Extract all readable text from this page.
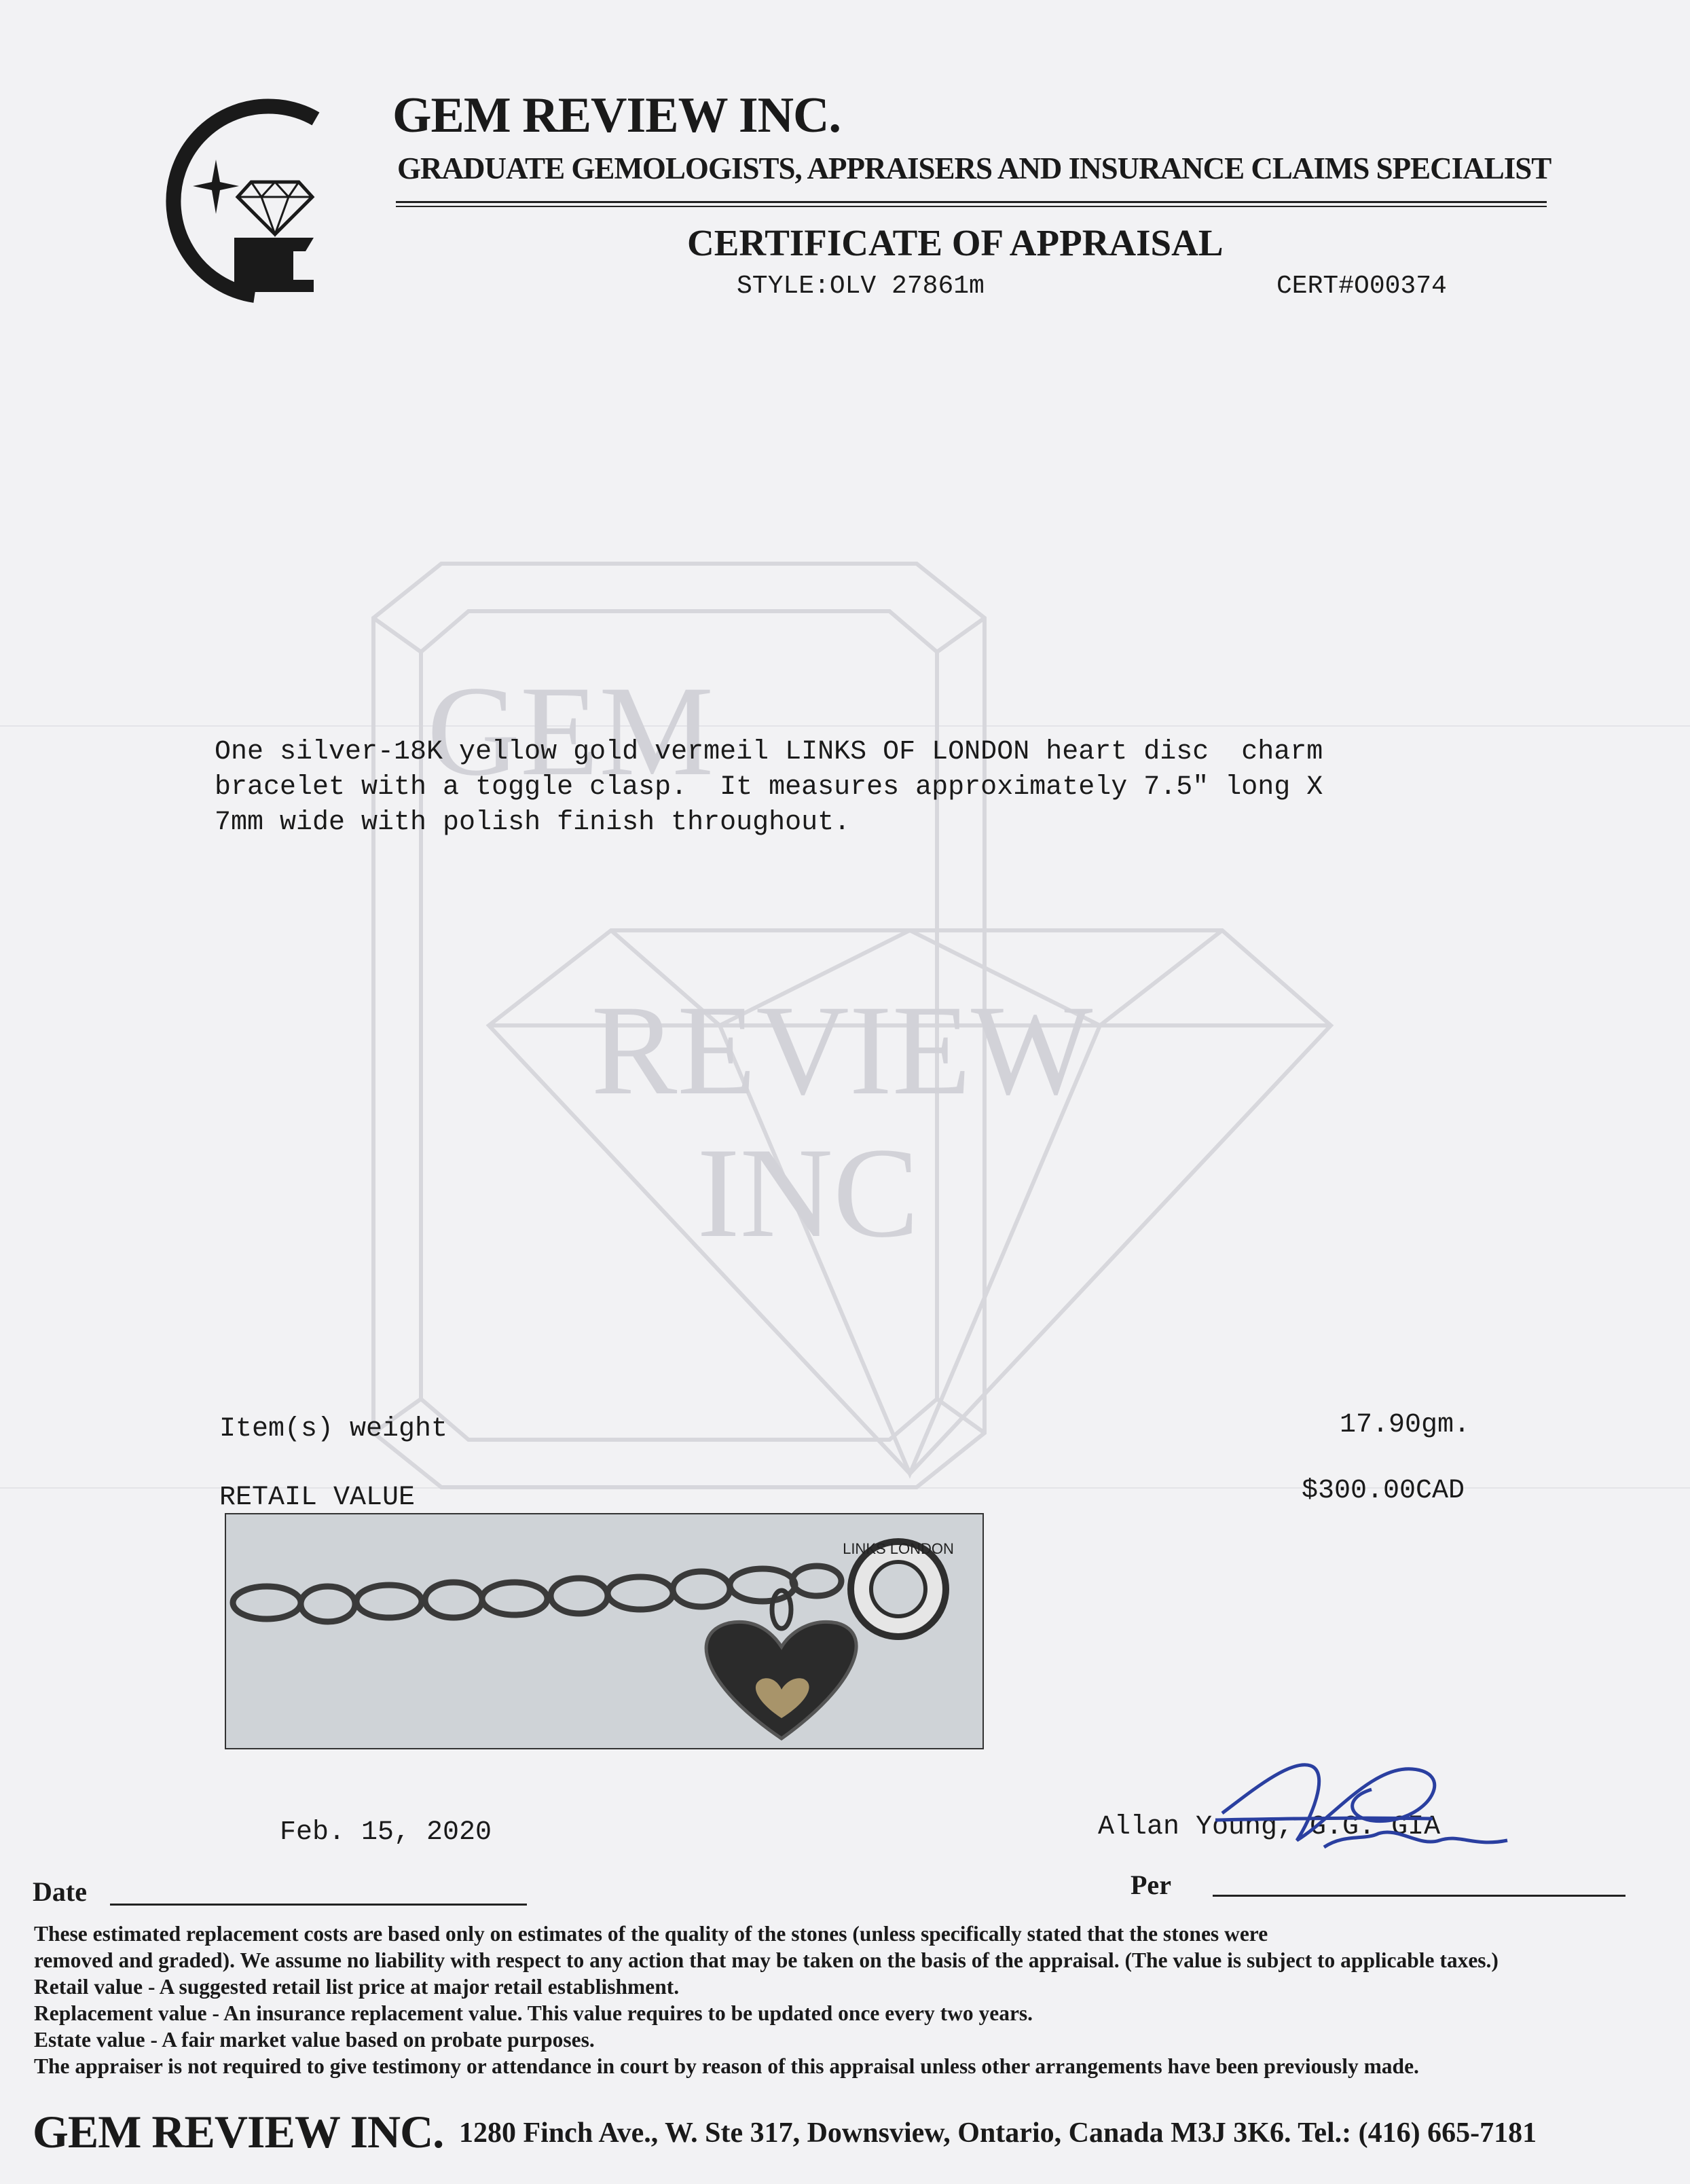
GEM REVIEW INC.
GRADUATE GEMOLOGISTS, APPRAISERS AND INSURANCE CLAIMS SPECIALIST
CERTIFICATE OF APPRAISAL
STYLE:OLV 27861m	CERT#O00374
GEM
REVIEW
INC
One silver-18K yellow gold vermeil LINKS OF LONDON heart disc  charm
bracelet with a toggle clasp.  It measures approximately 7.5" long X
7mm wide with polish finish throughout.
Item(s) weight	17.90gm.
RETAIL VALUE	$300.00CAD
LINKS LONDON
Feb. 15, 2020	Allan Young, G.G. GIA
Date	Per
These estimated replacement costs are based only on estimates of the quality of the stones (unless specifically stated that the stones were
removed and graded). We assume no liability with respect to any action that may be taken on the basis of the appraisal. (The value is subject to applicable taxes.)
Retail value - A suggested retail list price at major retail establishment.
Replacement value - An insurance replacement value. This value requires to be updated once every two years.
Estate value - A fair market value based on probate purposes.
The appraiser is not required to give testimony or attendance in court by reason of this appraisal unless other arrangements have been previously made.
GEM REVIEW INC. 1280 Finch Ave., W. Ste 317, Downsview, Ontario, Canada M3J 3K6. Tel.: (416) 665-7181
